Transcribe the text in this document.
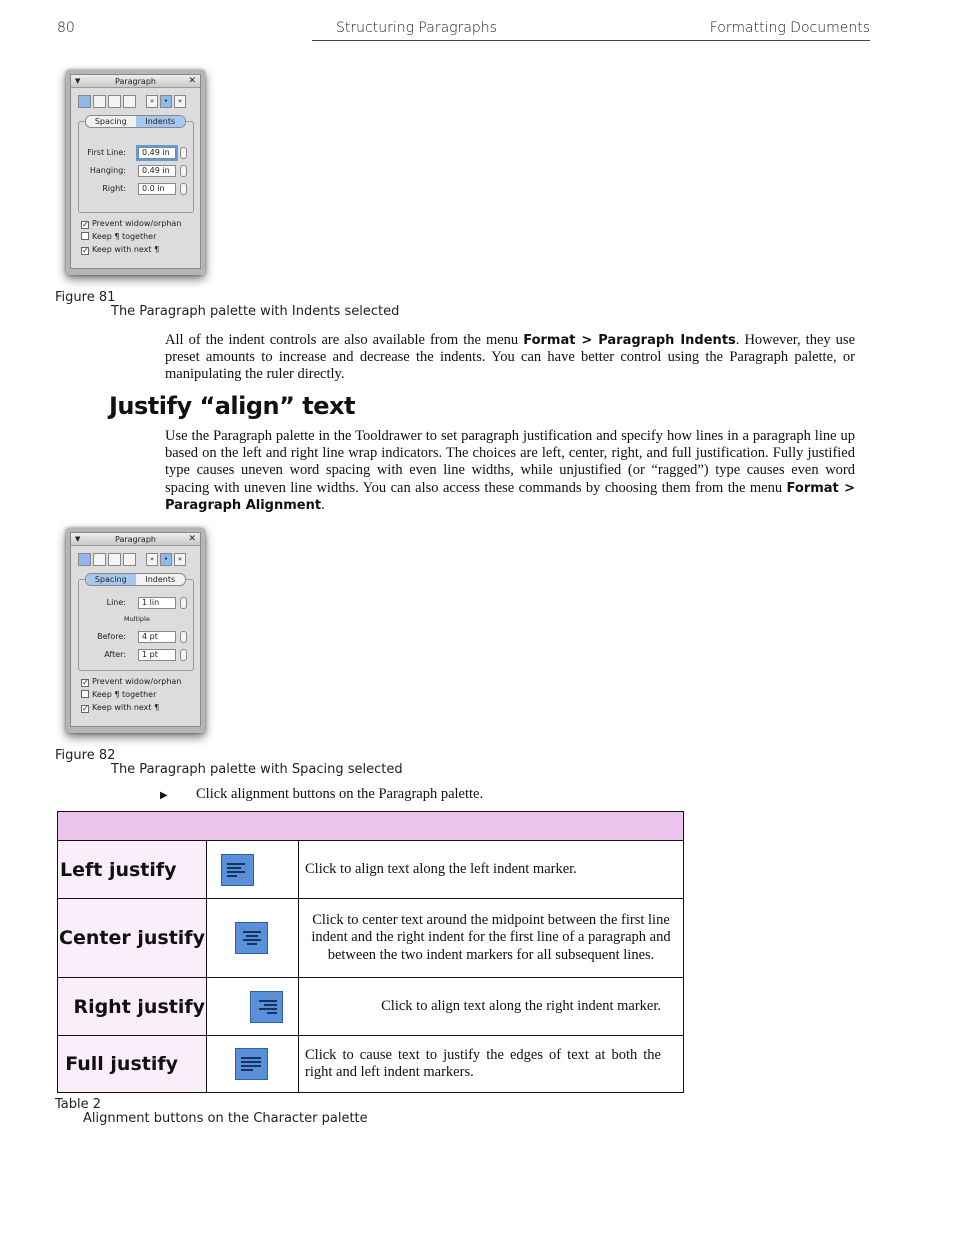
80	Structuring Paragraphs	Formatting Documents
▼	Paragraph	✕
»	•	«
Spacing	Indents
First Line:	0.49 in
Hanging:	0.49 in
Right:	0.0 in
✓ Prevent widow/orphan
Keep ¶ together
✓ Keep with next ¶
Figure 81
The Paragraph palette with Indents selected
All of the indent controls are also available from the menu Format > Paragraph Indents. However, they use preset amounts to increase and decrease the indents. You can have better control using the Paragraph palette, or manipulating the ruler directly.
Justify “align” text
Use the Paragraph palette in the Tooldrawer to set paragraph justification and specify how lines in a paragraph line up based on the left and right line wrap indicators. The choices are left, center, right, and full justification. Fully justified type causes uneven word spacing with even line widths, while unjustified (or “ragged”) type causes even word spacing with uneven line widths. You can also access these commands by choosing them from the menu Format > Paragraph Alignment.
▼	Paragraph	✕
»	•	«
Spacing	Indents
Line:	1 lin
Multiple
Before:	4 pt
After:	1 pt
✓ Prevent widow/orphan
Keep ¶ together
✓ Keep with next ¶
Figure 82
The Paragraph palette with Spacing selected
▶ Click alignment buttons on the Paragraph palette.

Left justify		Click to align text along the left indent marker.
Center justify		Click to center text around the midpoint between the first line indent and the right indent for the first line of a paragraph and between the two indent markers for all subsequent lines.
Right justify		Click to align text along the right indent marker.
Full justify		Click to cause text to justify the edges of text at both the right and left indent markers.
Table 2
Alignment buttons on the Character palette
